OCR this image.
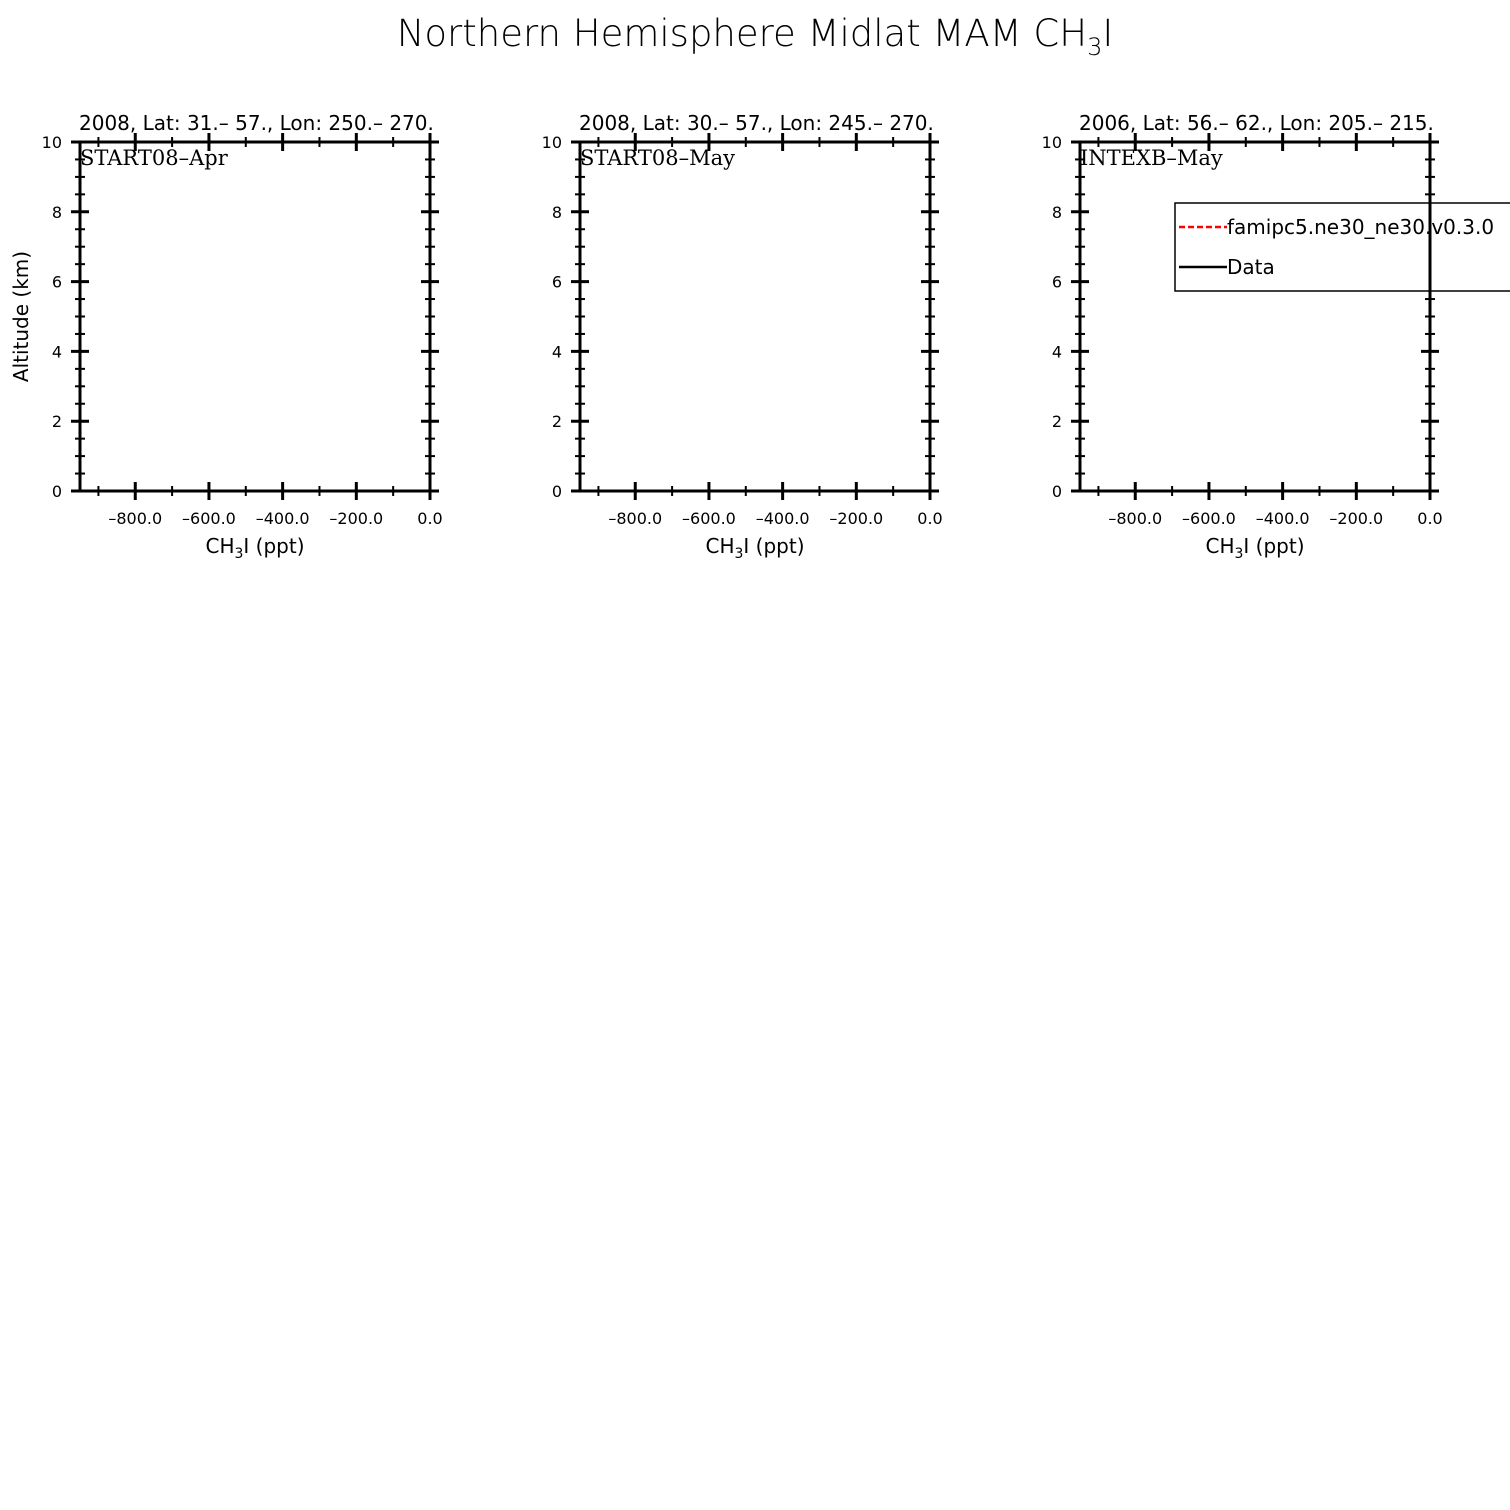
Northern Hemisphere Midlat MAM $CH_3I$
0
2
4
6
8
10
–800.0 –600.0 –400.0 –200.0 0.0
2008, Lat: 31.– 57., Lon: 250.– 270.
START08–Apr
$CH_3I$ (ppt)
Altitude (km)
0
2
4
6
8
10
–800.0 –600.0 –400.0 –200.0 0.0
2008, Lat: 30.– 57., Lon: 245.– 270.
START08–May
$CH_3I$ (ppt)
0
2
4
6
8
10
–800.0 –600.0 –400.0 –200.0 0.0
2006, Lat: 56.– 62., Lon: 205.– 215.
INTEXB–May
$CH_3I$ (ppt)
famipc5.ne30_ne30.v0.3.0
Data
